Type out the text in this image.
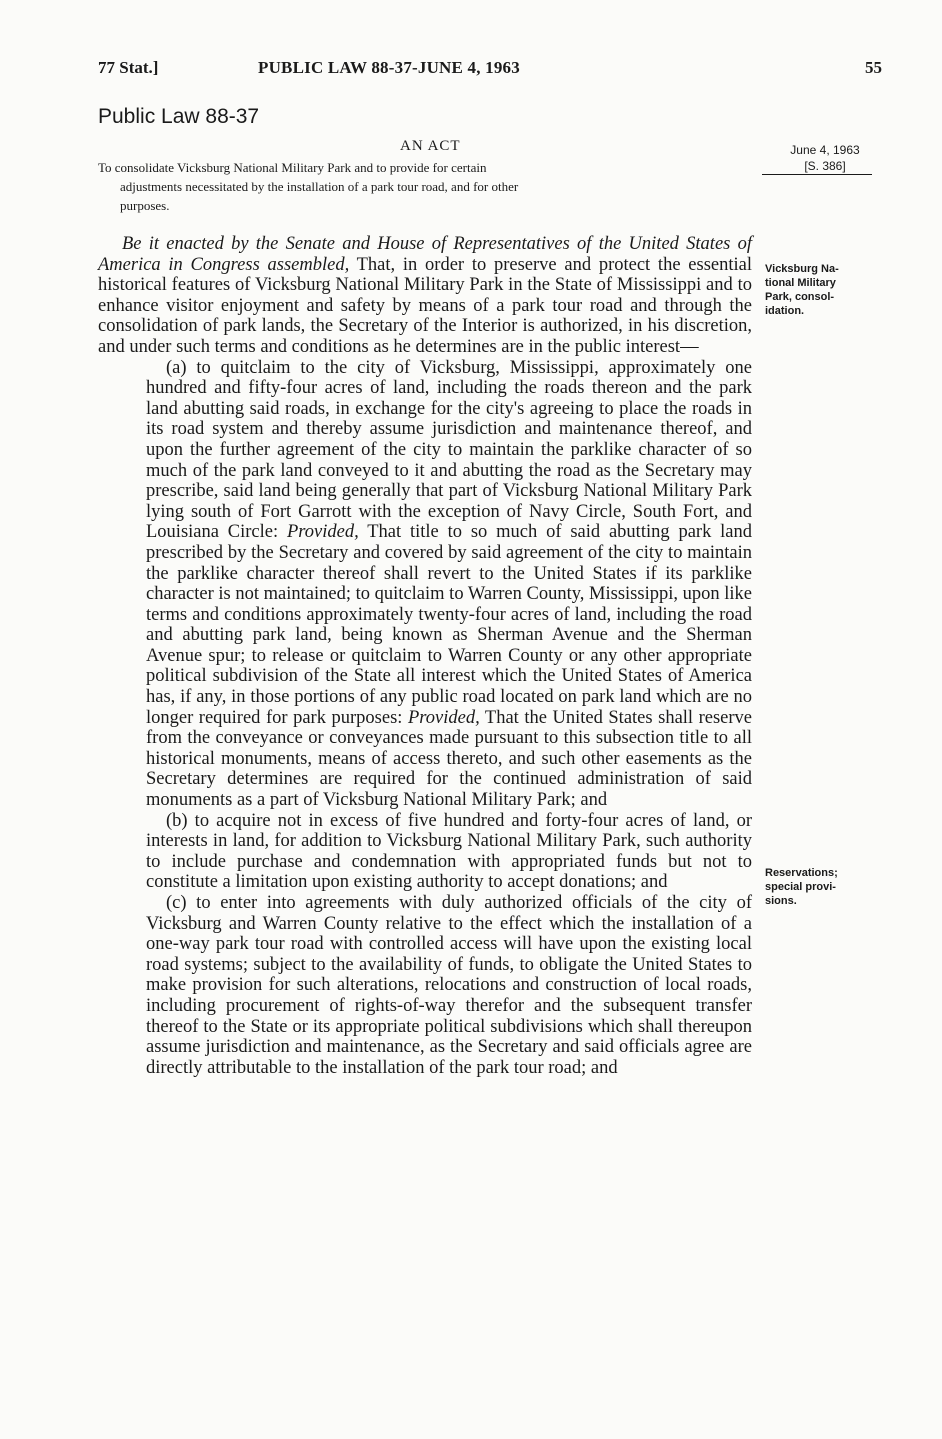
77 Stat.]	PUBLIC LAW 88-37-JUNE 4, 1963	55
Public Law 88-37
AN ACT
To consolidate Vicksburg National Military Park and to provide for certain
adjustments necessitated by the installation of a park tour road, and for other
purposes.
June 4, 1963
[S. 386]
Vicksburg Na-
tional Military
Park, consol-
idation.
Reservations;
special provi-
sions.

Be it enacted by the Senate and House of Representatives of the United States of America in Congress assembled, That, in order to preserve and protect the essential historical features of Vicksburg National Military Park in the State of Mississippi and to enhance visitor enjoyment and safety by means of a park tour road and through the consolidation of park lands, the Secretary of the Interior is authorized, in his discretion, and under such terms and conditions as he determines are in the public interest—

(a) to quitclaim to the city of Vicksburg, Mississippi, approximately one hundred and fifty-four acres of land, including the roads thereon and the park land abutting said roads, in exchange for the city's agreeing to place the roads in its road system and thereby assume jurisdiction and maintenance thereof, and upon the further agreement of the city to maintain the parklike character of so much of the park land conveyed to it and abutting the road as the Secretary may prescribe, said land being generally that part of Vicksburg National Military Park lying south of Fort Garrott with the exception of Navy Circle, South Fort, and Louisiana Circle: Provided, That title to so much of said abutting park land prescribed by the Secretary and covered by said agreement of the city to maintain the parklike character thereof shall revert to the United States if its parklike character is not maintained; to quitclaim to Warren County, Mississippi, upon like terms and conditions approximately twenty-four acres of land, including the road and abutting park land, being known as Sherman Avenue and the Sherman Avenue spur; to release or quitclaim to Warren County or any other appropriate political subdivision of the State all interest which the United States of America has, if any, in those portions of any public road located on park land which are no longer required for park purposes: Provided, That the United States shall reserve from the conveyance or conveyances made pursuant to this subsection title to all historical monuments, means of access thereto, and such other easements as the Secretary determines are required for the continued administration of said monuments as a part of Vicksburg National Military Park; and

(b) to acquire not in excess of five hundred and forty-four acres of land, or interests in land, for addition to Vicksburg National Military Park, such authority to include purchase and condemnation with appropriated funds but not to constitute a limitation upon existing authority to accept donations; and

(c) to enter into agreements with duly authorized officials of the city of Vicksburg and Warren County relative to the effect which the installation of a one-way park tour road with controlled access will have upon the existing local road systems; subject to the availability of funds, to obligate the United States to make provision for such alterations, relocations and construction of local roads, including procurement of rights-of-way therefor and the subsequent transfer thereof to the State or its appropriate political subdivisions which shall thereupon assume jurisdiction and maintenance, as the Secretary and said officials agree are directly attributable to the installation of the park tour road; and
